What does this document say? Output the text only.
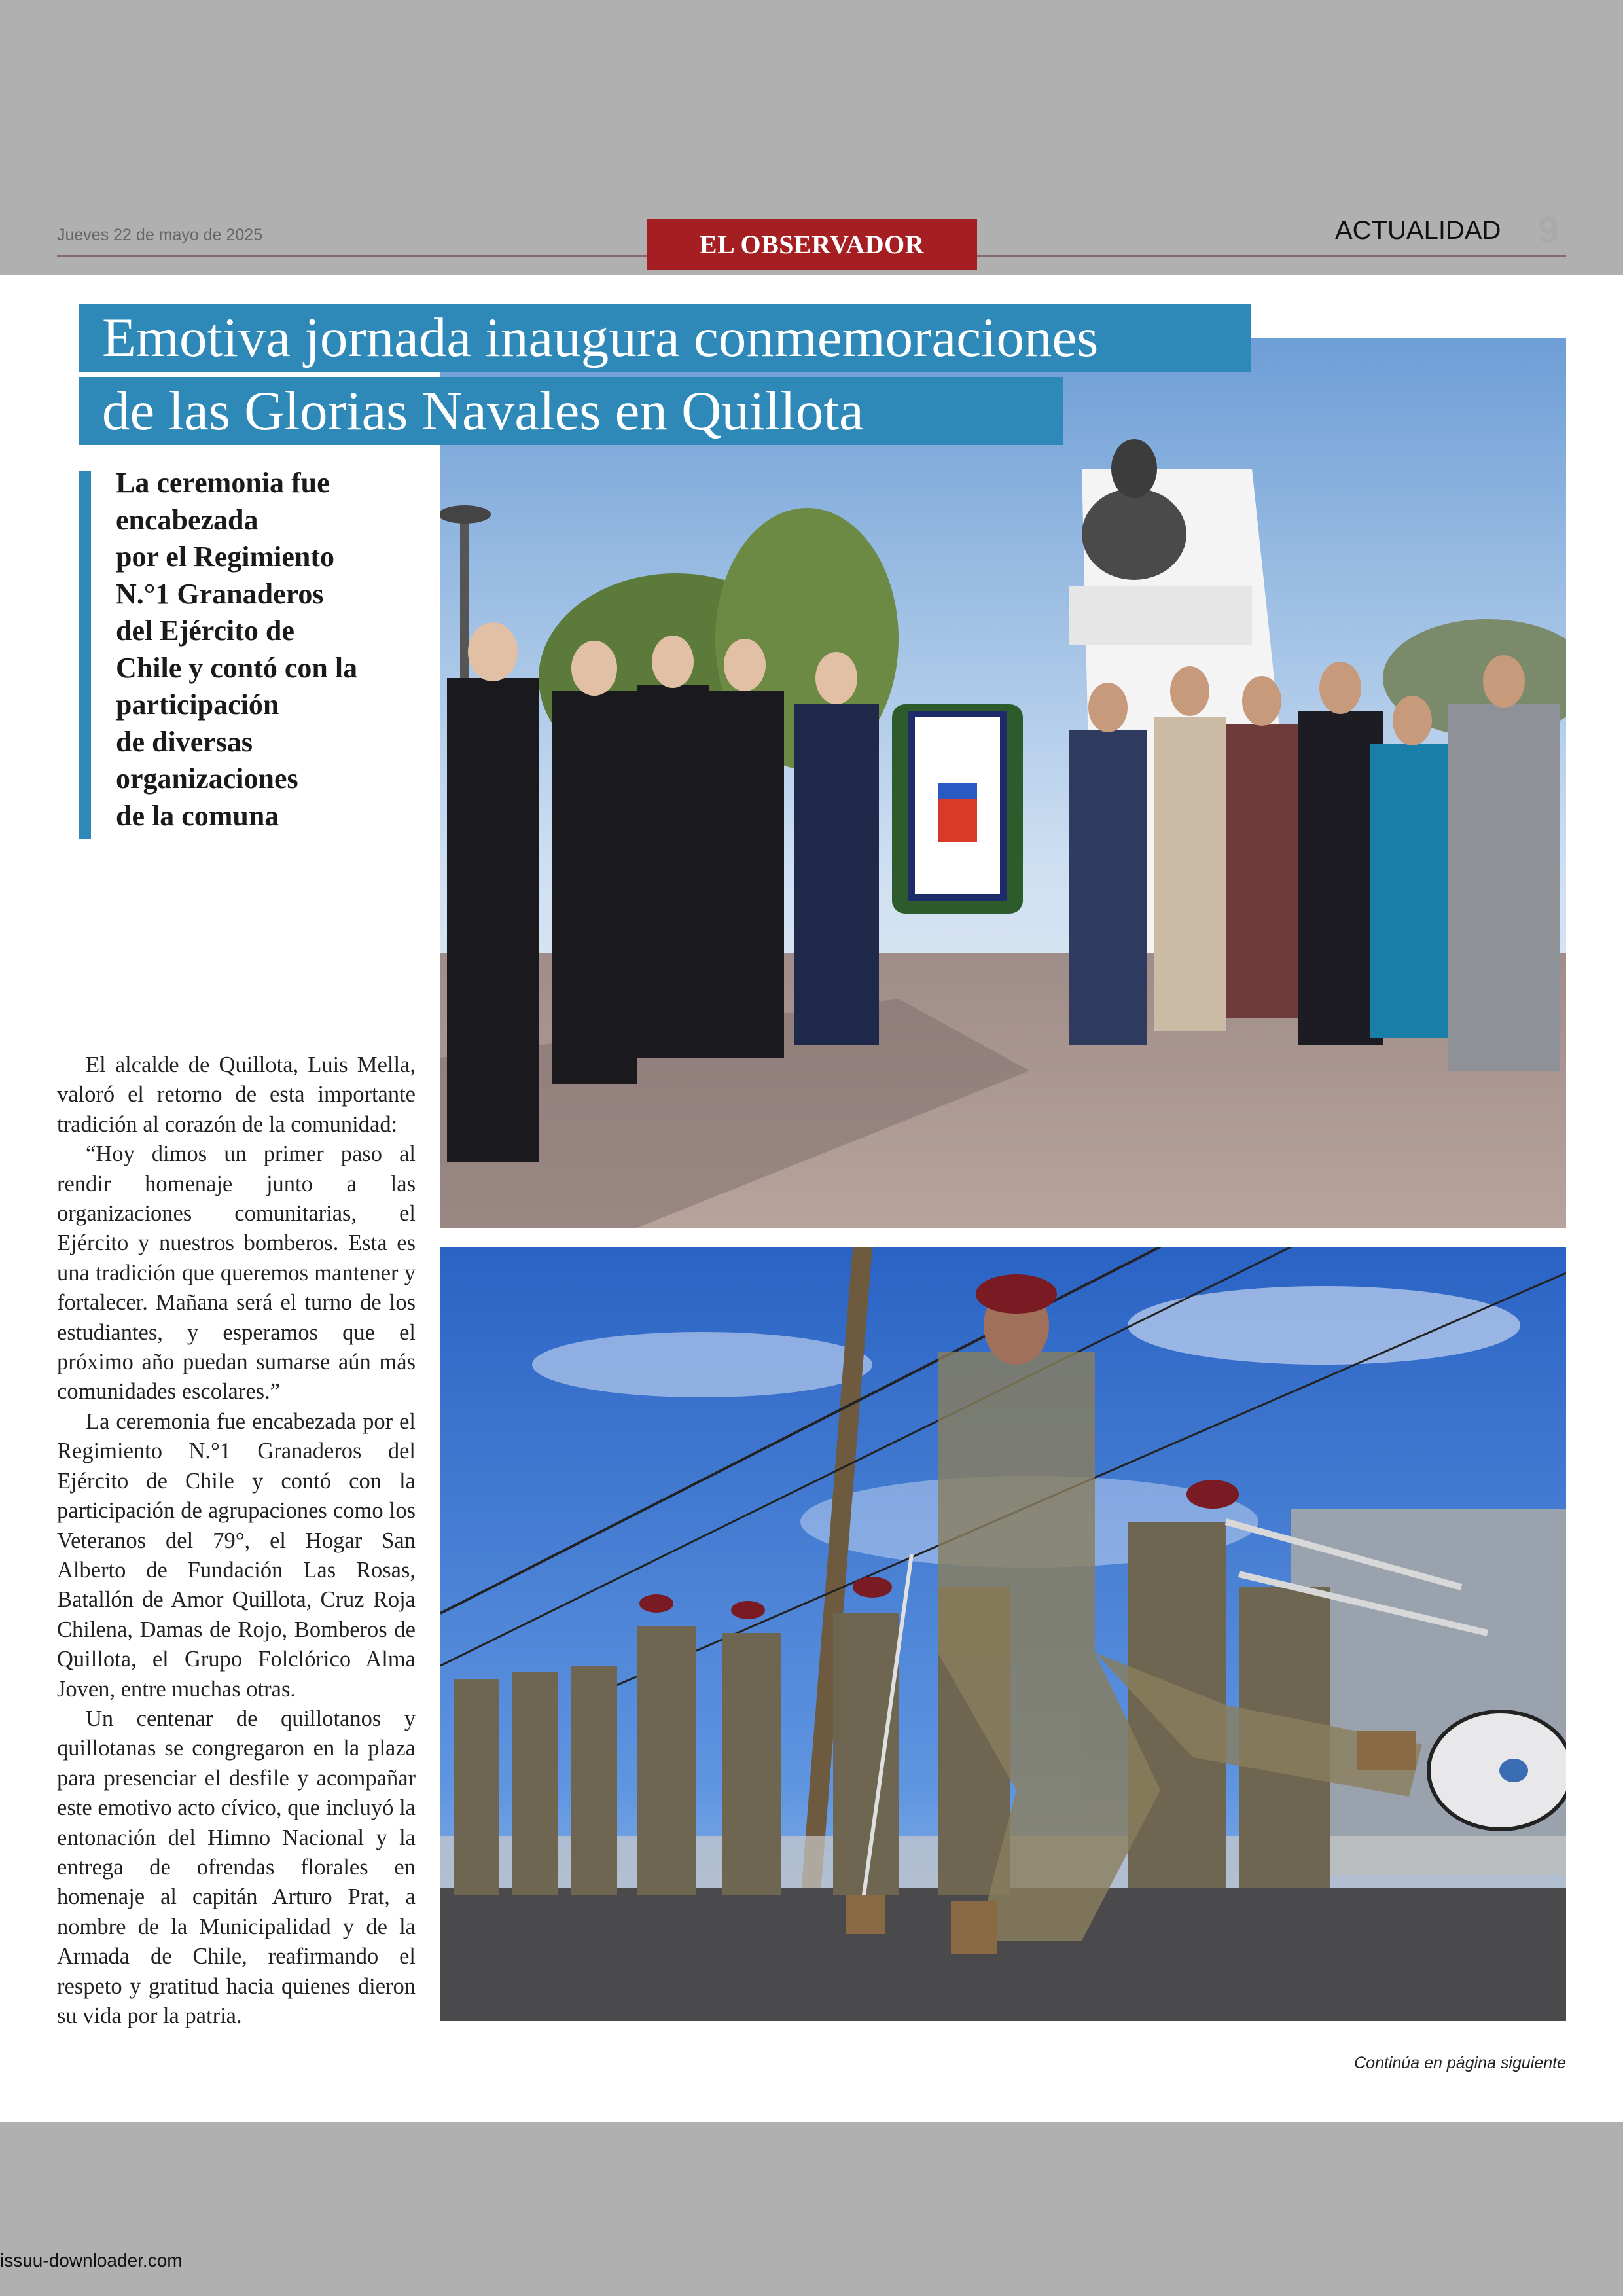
Jueves 22 de mayo de 2025	EL OBSERVADOR	ACTUALIDAD 9
Emotiva jornada inaugura conmemoraciones
de las Glorias Navales en Quillota
La ceremonia fue
encabezada
por el Regimiento
N.°1 Granaderos
del Ejército de
Chile y contó con la
participación
de diversas
organizaciones
de la comuna

El alcalde de Quillota, Luis Mella, valoró el retorno de esta importante tradición al corazón de la comunidad:

“Hoy dimos un primer paso al rendir homenaje junto a las organizaciones comunitarias, el Ejército y nuestros bomberos. Esta es una tradición que queremos mantener y fortalecer. Mañana será el turno de los estudiantes, y esperamos que el próximo año puedan sumarse aún más comunidades escolares.”

La ceremonia fue encabezada por el Regimiento N.°1 Granaderos del Ejército de Chile y contó con la participación de agrupaciones como los Veteranos del 79°, el Hogar San Alberto de Fundación Las Rosas, Batallón de Amor Quillota, Cruz Roja Chilena, Damas de Rojo, Bomberos de Quillota, el Grupo Folclórico Alma Joven, entre muchas otras.

Un centenar de quillotanos y quillotanas se congregaron en la plaza para presenciar el desfile y acompañar este emotivo acto cívico, que incluyó la entonación del Himno Nacional y la entrega de ofrendas florales en homenaje al capitán Arturo Prat, a nombre de la Municipalidad y de la Armada de Chile, reafirmando el respeto y gratitud hacia quienes dieron su vida por la patria.

Continúa en página siguiente
issuu-downloader.com
